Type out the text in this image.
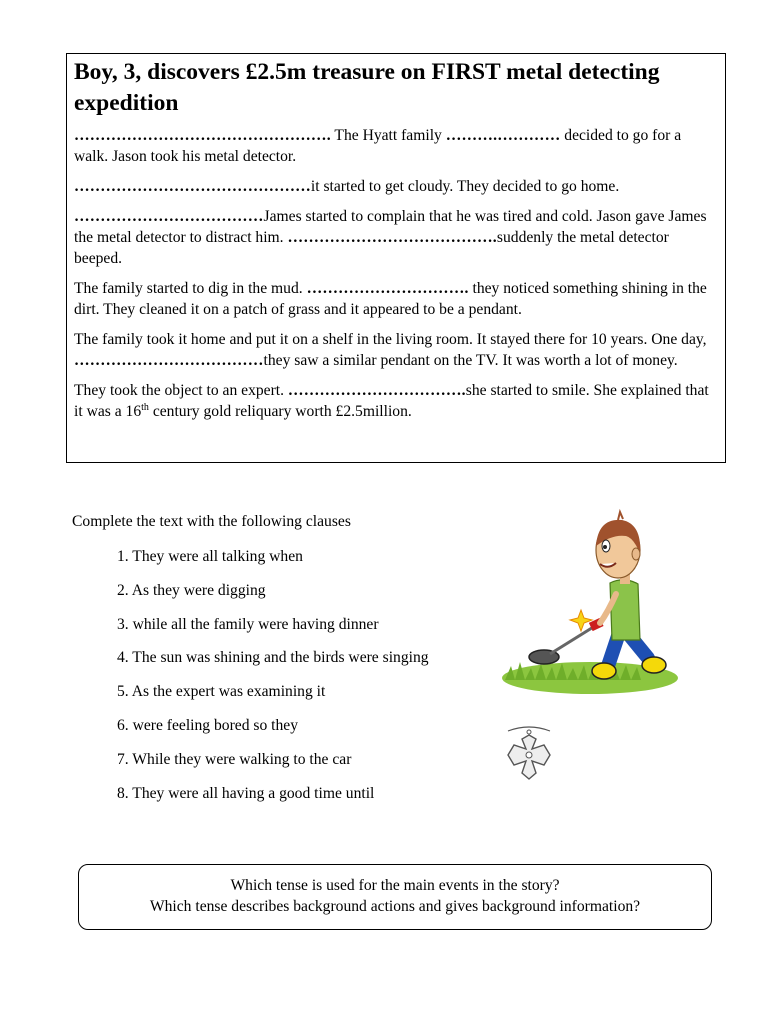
Boy, 3, discovers £2.5m treasure on FIRST metal detecting expedition

…………………………………………. The Hyatt family ……….………… decided to go for a walk. Jason took his metal detector.

………………………………………it started to get cloudy. They decided to go home.

………………………………James started to complain that he was tired and cold. Jason gave James the metal detector to distract him. ………………………………….suddenly the metal detector beeped.

The family started to dig in the mud. …………………………. they noticed something shining in the dirt. They cleaned it on a patch of grass and it appeared to be a pendant.

The family took it home and put it on a shelf in the living room. It stayed there for 10 years. One day, ………………………………they saw a similar pendant on the TV. It was worth a lot of money.

They took the object to an expert. …………………………….she started to smile. She explained that it was a 16th century gold reliquary worth £2.5million.

Complete the text with the following clauses
1. They were all talking when
2. As they were digging
3. while all the family were having dinner
4. The sun was shining and the birds were singing
5. As the expert was examining it
6. were feeling bored so they
7. While they were walking to the car
8. They were all having a good time until
Which tense is used for the main events in the story?
Which tense describes background actions and gives background information?
